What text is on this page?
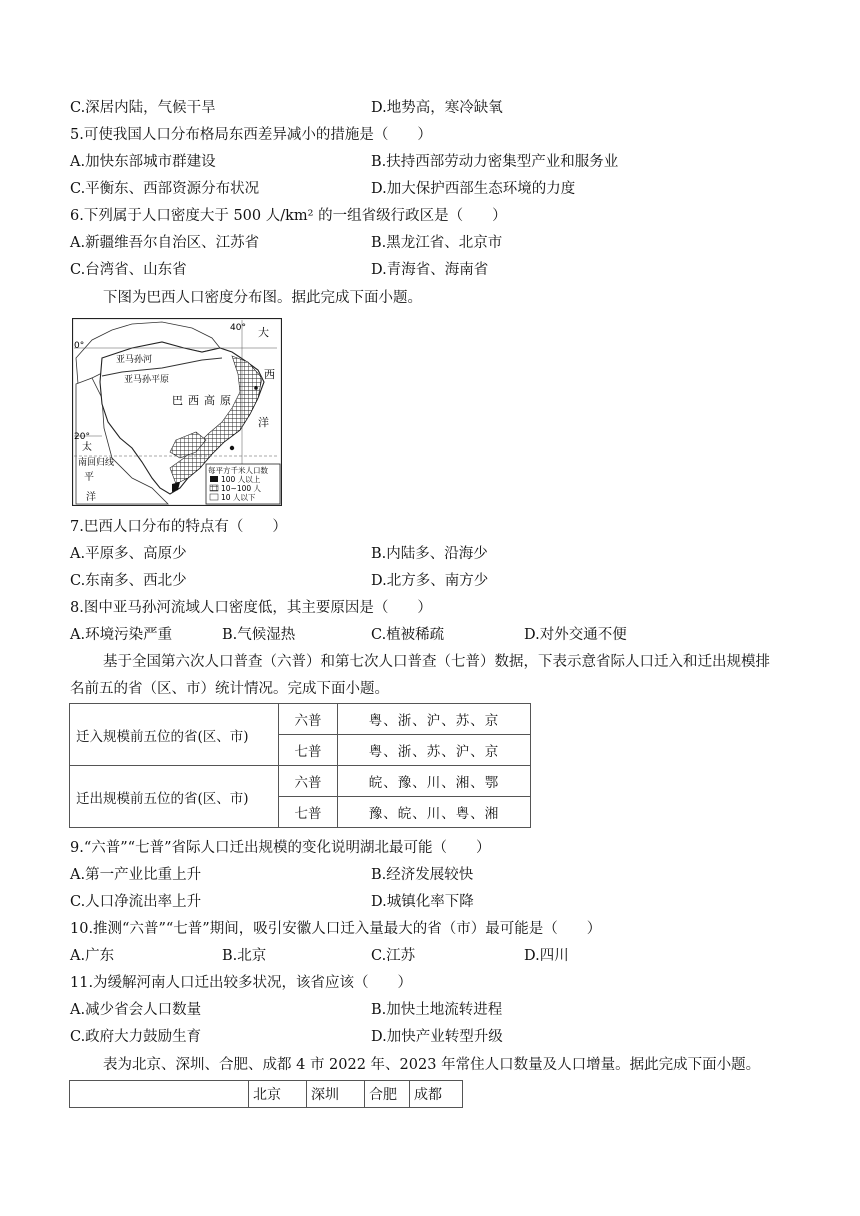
C.深居内陆，气候干旱	D.地势高，寒冷缺氧
5.可使我国人口分布格局东西差异减小的措施是（　　）
A.加快东部城市群建设	B.扶持西部劳动力密集型产业和服务业
C.平衡东、西部资源分布状况	D.加大保护西部生态环境的力度
6.下列属于人口密度大于 500 人/km² 的一组省级行政区是（　　）
A.新疆维吾尔自治区、江苏省	B.黑龙江省、北京市
C.台湾省、山东省	D.青海省、海南省
下图为巴西人口密度分布图。据此完成下面小题。
40°
0°
20°
大
西
洋
亚马孙河
亚马孙平原
巴 西 高 原
太
南回归线
平
洋
每平方千米人口数
100 人以上
10~100 人
10 人以下
7.巴西人口分布的特点有（　　）
A.平原多、高原少	B.内陆多、沿海少
C.东南多、西北少	D.北方多、南方少
8.图中亚马孙河流域人口密度低，其主要原因是（　　）
A.环境污染严重	B.气候湿热	C.植被稀疏	D.对外交通不便
基于全国第六次人口普查（六普）和第七次人口普查（七普）数据，下表示意省际人口迁入和迁出规模排
名前五的省（区、市）统计情况。完成下面小题。
迁入规模前五位的省(区、市)	六普	粤、浙、沪、苏、京
	七普	粤、浙、苏、沪、京
迁出规模前五位的省(区、市)	六普	皖、豫、川、湘、鄂
	七普	豫、皖、川、粤、湘
9.“六普”“七普”省际人口迁出规模的变化说明湖北最可能（　　）
A.第一产业比重上升	B.经济发展较快
C.人口净流出率上升	D.城镇化率下降
10.推测“六普”“七普”期间，吸引安徽人口迁入量最大的省（市）最可能是（　　）
A.广东	B.北京	C.江苏	D.四川
11.为缓解河南人口迁出较多状况，该省应该（　　）
A.减少省会人口数量	B.加快土地流转进程
C.政府大力鼓励生育	D.加快产业转型升级
表为北京、深圳、合肥、成都 4 市 2022 年、2023 年常住人口数量及人口增量。据此完成下面小题。
	北京	深圳	合肥	成都
